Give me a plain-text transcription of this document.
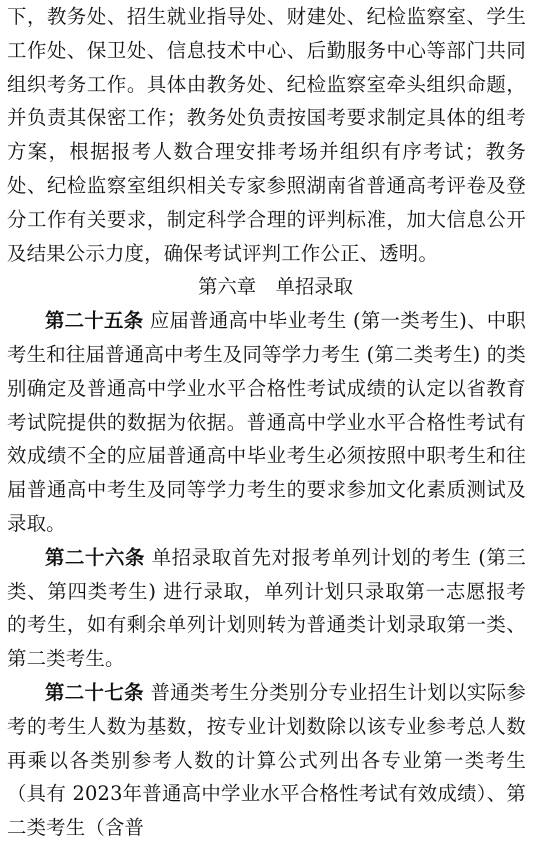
下，教务处、招生就业指导处、财建处、纪检监察室、学生工作处、保卫处、信息技术中心、后勤服务中心等部门共同组织考务工作。具体由教务处、纪检监察室牵头组织命题，并负责其保密工作；教务处负责按国考要求制定具体的组考方案，根据报考人数合理安排考场并组织有序考试；教务处、纪检监察室组织相关专家参照湖南省普通高考评卷及登分工作有关要求，制定科学合理的评判标准，加大信息公开及结果公示力度，确保考试评判工作公正、透明。

第六章　单招录取

第二十五条 应届普通高中毕业考生 (第一类考生)、中职考生和往届普通高中考生及同等学力考生 (第二类考生) 的类别确定及普通高中学业水平合格性考试成绩的认定以省教育考试院提供的数据为依据。普通高中学业水平合格性考试有效成绩不全的应届普通高中毕业考生必须按照中职考生和往届普通高中考生及同等学力考生的要求参加文化素质测试及录取。

第二十六条 单招录取首先对报考单列计划的考生 (第三类、第四类考生) 进行录取，单列计划只录取第一志愿报考的考生，如有剩余单列计划则转为普通类计划录取第一类、第二类考生。

第二十七条 普通类考生分类别分专业招生计划以实际参考的考生人数为基数，按专业计划数除以该专业参考总人数再乘以各类别参考人数的计算公式列出各专业第一类考生（具有 2023年普通高中学业水平合格性考试有效成绩）、第二类考生（含普
